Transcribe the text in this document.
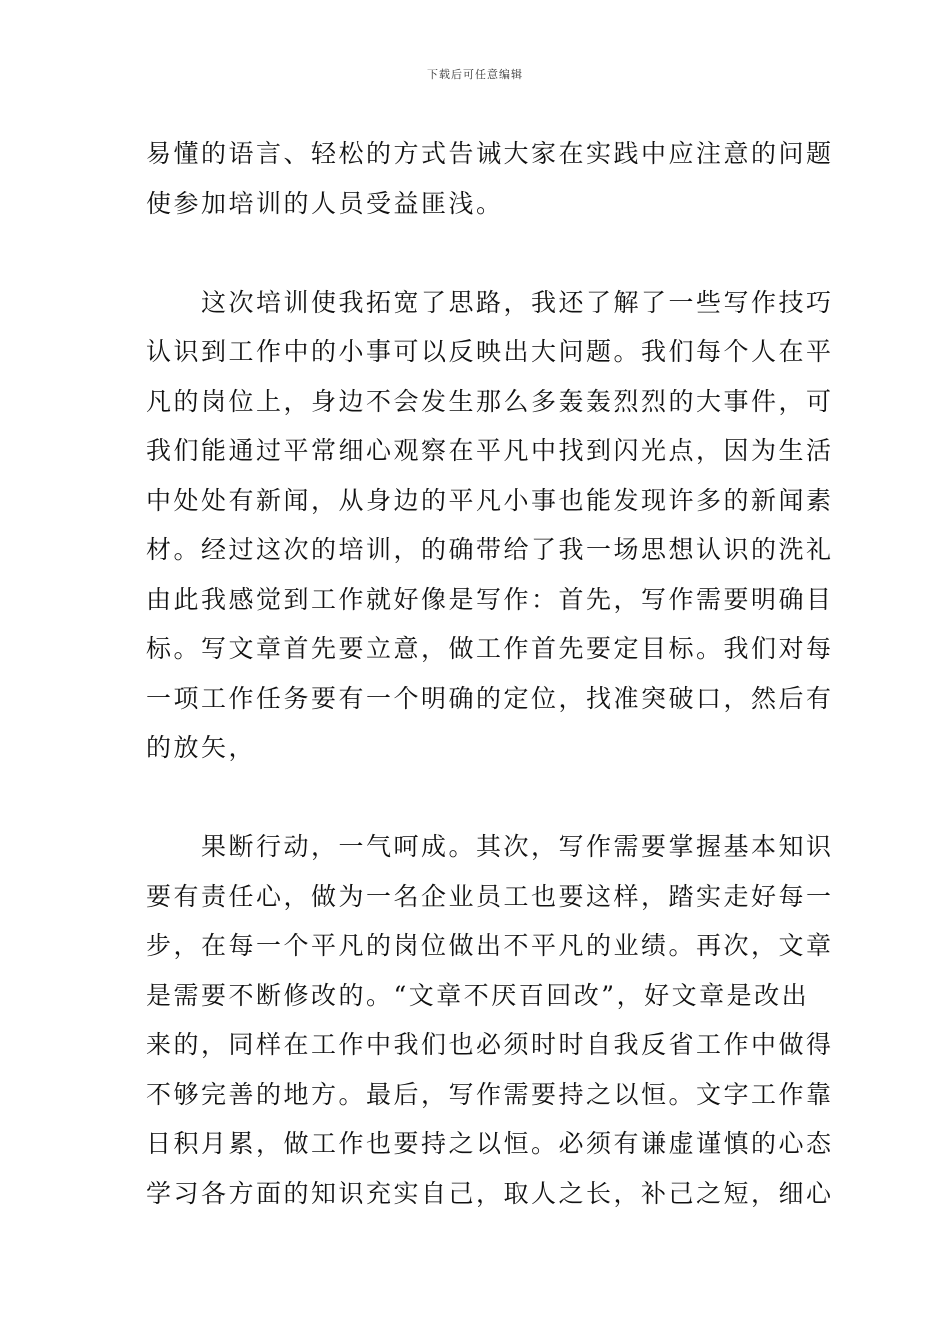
下载后可任意编辑

易懂的语言、轻松的方式告诫大家在实践中应注意的问题
使参加培训的人员受益匪浅。

这次培训使我拓宽了思路，我还了解了一些写作技巧
认识到工作中的小事可以反映出大问题。我们每个人在平
凡的岗位上，身边不会发生那么多轰轰烈烈的大事件，可
我们能通过平常细心观察在平凡中找到闪光点，因为生活
中处处有新闻，从身边的平凡小事也能发现许多的新闻素
材。经过这次的培训，的确带给了我一场思想认识的洗礼
由此我感觉到工作就好像是写作：首先，写作需要明确目
标。写文章首先要立意，做工作首先要定目标。我们对每
一项工作任务要有一个明确的定位，找准突破口，然后有
的放矢，

果断行动，一气呵成。其次，写作需要掌握基本知识
要有责任心，做为一名企业员工也要这样，踏实走好每一
步，在每一个平凡的岗位做出不平凡的业绩。再次，文章
是需要不断修改的。“文章不厌百回改”，好文章是改出
来的，同样在工作中我们也必须时时自我反省工作中做得
不够完善的地方。最后，写作需要持之以恒。文字工作靠
日积月累，做工作也要持之以恒。必须有谦虚谨慎的心态
学习各方面的知识充实自己，取人之长，补己之短，细心
